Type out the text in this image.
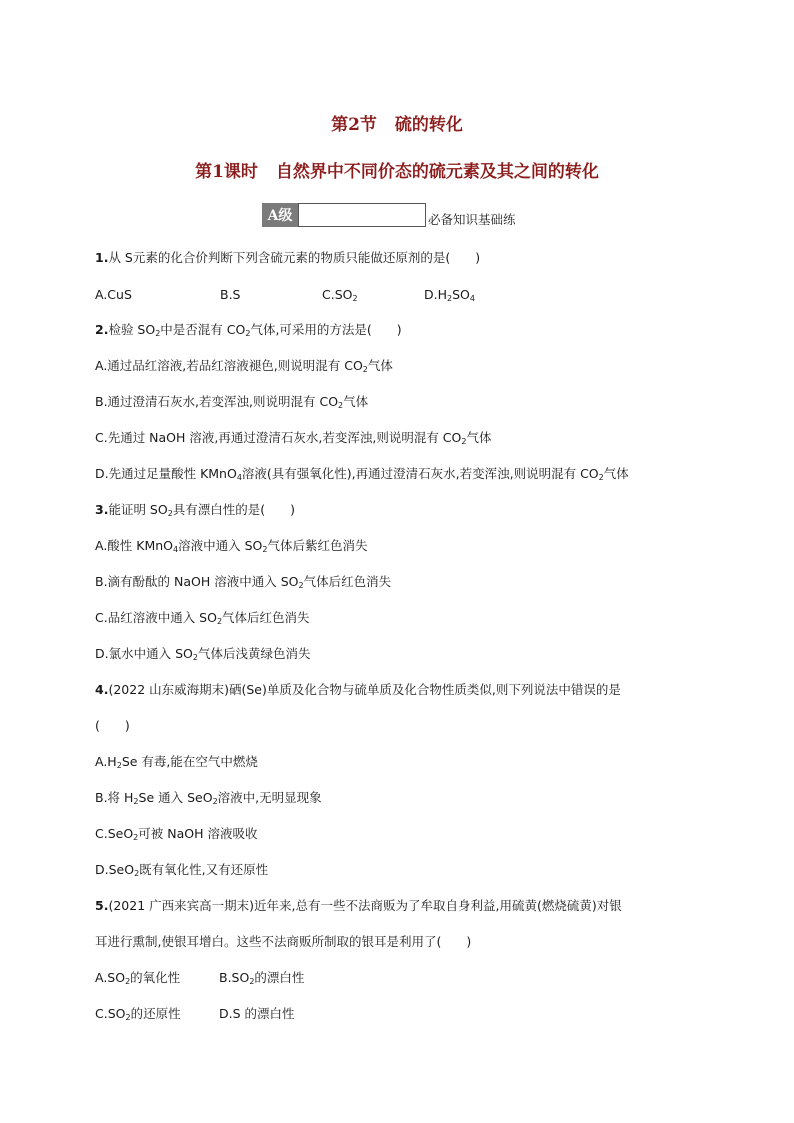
第2节 硫的转化
第1课时 自然界中不同价态的硫元素及其之间的转化
A级	必备知识基础练
1.从 S元素的化合价判断下列含硫元素的物质只能做还原剂的是(　　)
A.CuS	B.S	$C.SO_2$	$D.H_2SO_4$
2.检验 $SO_2$中是否混有 $CO_2$气体,可采用的方法是(　　)
A.通过品红溶液,若品红溶液褪色,则说明混有 $CO_2$气体
B.通过澄清石灰水,若变浑浊,则说明混有 $CO_2$气体
C.先通过 NaOH 溶液,再通过澄清石灰水,若变浑浊,则说明混有 $CO_2$气体
D.先通过足量酸性 KMnO$_4$溶液(具有强氧化性),再通过澄清石灰水,若变浑浊,则说明混有 $CO_2$气体
3.能证明 $SO_2$具有漂白性的是(　　)
A.酸性 KMnO$_4$溶液中通入 $SO_2$气体后紫红色消失
B.滴有酚酞的 NaOH 溶液中通入 $SO_2$气体后红色消失
C.品红溶液中通入 $SO_2$气体后红色消失
D.氯水中通入 $SO_2$气体后浅黄绿色消失
4.(2022 山东威海期末)硒(Se)单质及化合物与硫单质及化合物性质类似,则下列说法中错误的是
(　　)
$A.H_2Se$ 有毒,能在空气中燃烧
B.将 $H_2Se$ 通入 SeO$_2$溶液中,无明显现象
C.SeO$_2$可被 NaOH 溶液吸收
D.SeO$_2$既有氧化性,又有还原性
5.(2021 广西来宾高一期末)近年来,总有一些不法商贩为了牟取自身利益,用硫黄(燃烧硫黄)对银
耳进行熏制,使银耳增白。这些不法商贩所制取的银耳是利用了(　　)
$A.SO_2$的氧化性	$B.SO_2$的漂白性
$C.SO_2$的还原性	D.S 的漂白性
